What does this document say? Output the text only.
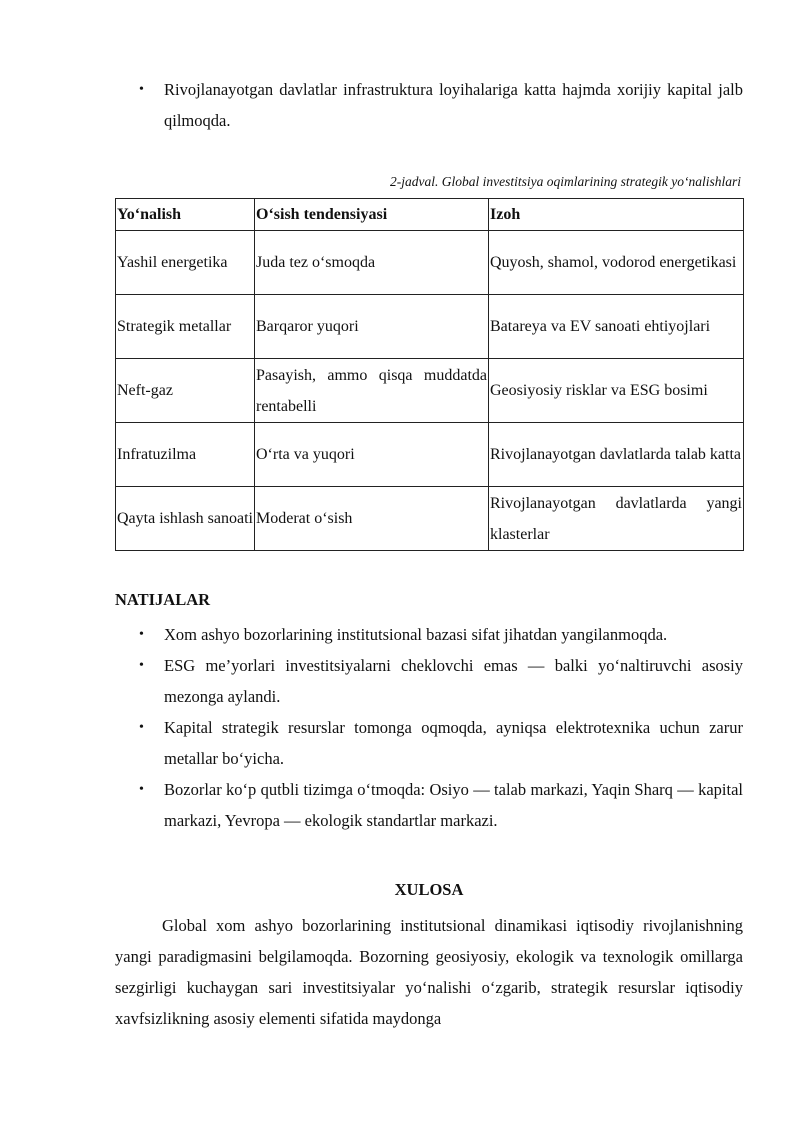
• Rivojlanayotgan davlatlar infrastruktura loyihalariga katta hajmda xorijiy kapital jalb qilmoqda.
2-jadval. Global investitsiya oqimlarining strategik yo‘nalishlari
Yo‘nalish	O‘sish tendensiyasi	Izoh
Yashil energetika	Juda tez o‘smoqda	Quyosh, shamol, vodorod energetikasi
Strategik metallar	Barqaror yuqori	Batareya va EV sanoati ehtiyojlari
Neft-gaz	Pasayish, ammo qisqa muddatda rentabelli	Geosiyosiy risklar va ESG bosimi
Infratuzilma	O‘rta va yuqori	Rivojlanayotgan davlatlarda talab katta
Qayta ishlash sanoati	Moderat o‘sish	Rivojlanayotgan davlatlarda yangi klasterlar
NATIJALAR
• Xom ashyo bozorlarining institutsional bazasi sifat jihatdan yangilanmoqda.
• ESG me’yorlari investitsiyalarni cheklovchi emas — balki yo‘naltiruvchi asosiy mezonga aylandi.
• Kapital strategik resurslar tomonga oqmoqda, ayniqsa elektrotexnika uchun zarur metallar bo‘yicha.
• Bozorlar ko‘p qutbli tizimga o‘tmoqda: Osiyo — talab markazi, Yaqin Sharq — kapital markazi, Yevropa — ekologik standartlar markazi.
XULOSA

Global xom ashyo bozorlarining institutsional dinamikasi iqtisodiy rivojlanishning yangi paradigmasini belgilamoqda. Bozorning geosiyosiy, ekologik va texnologik omillarga sezgirligi kuchaygan sari investitsiyalar yo‘nalishi o‘zgarib, strategik resurslar iqtisodiy xavfsizlikning asosiy elementi sifatida maydonga
